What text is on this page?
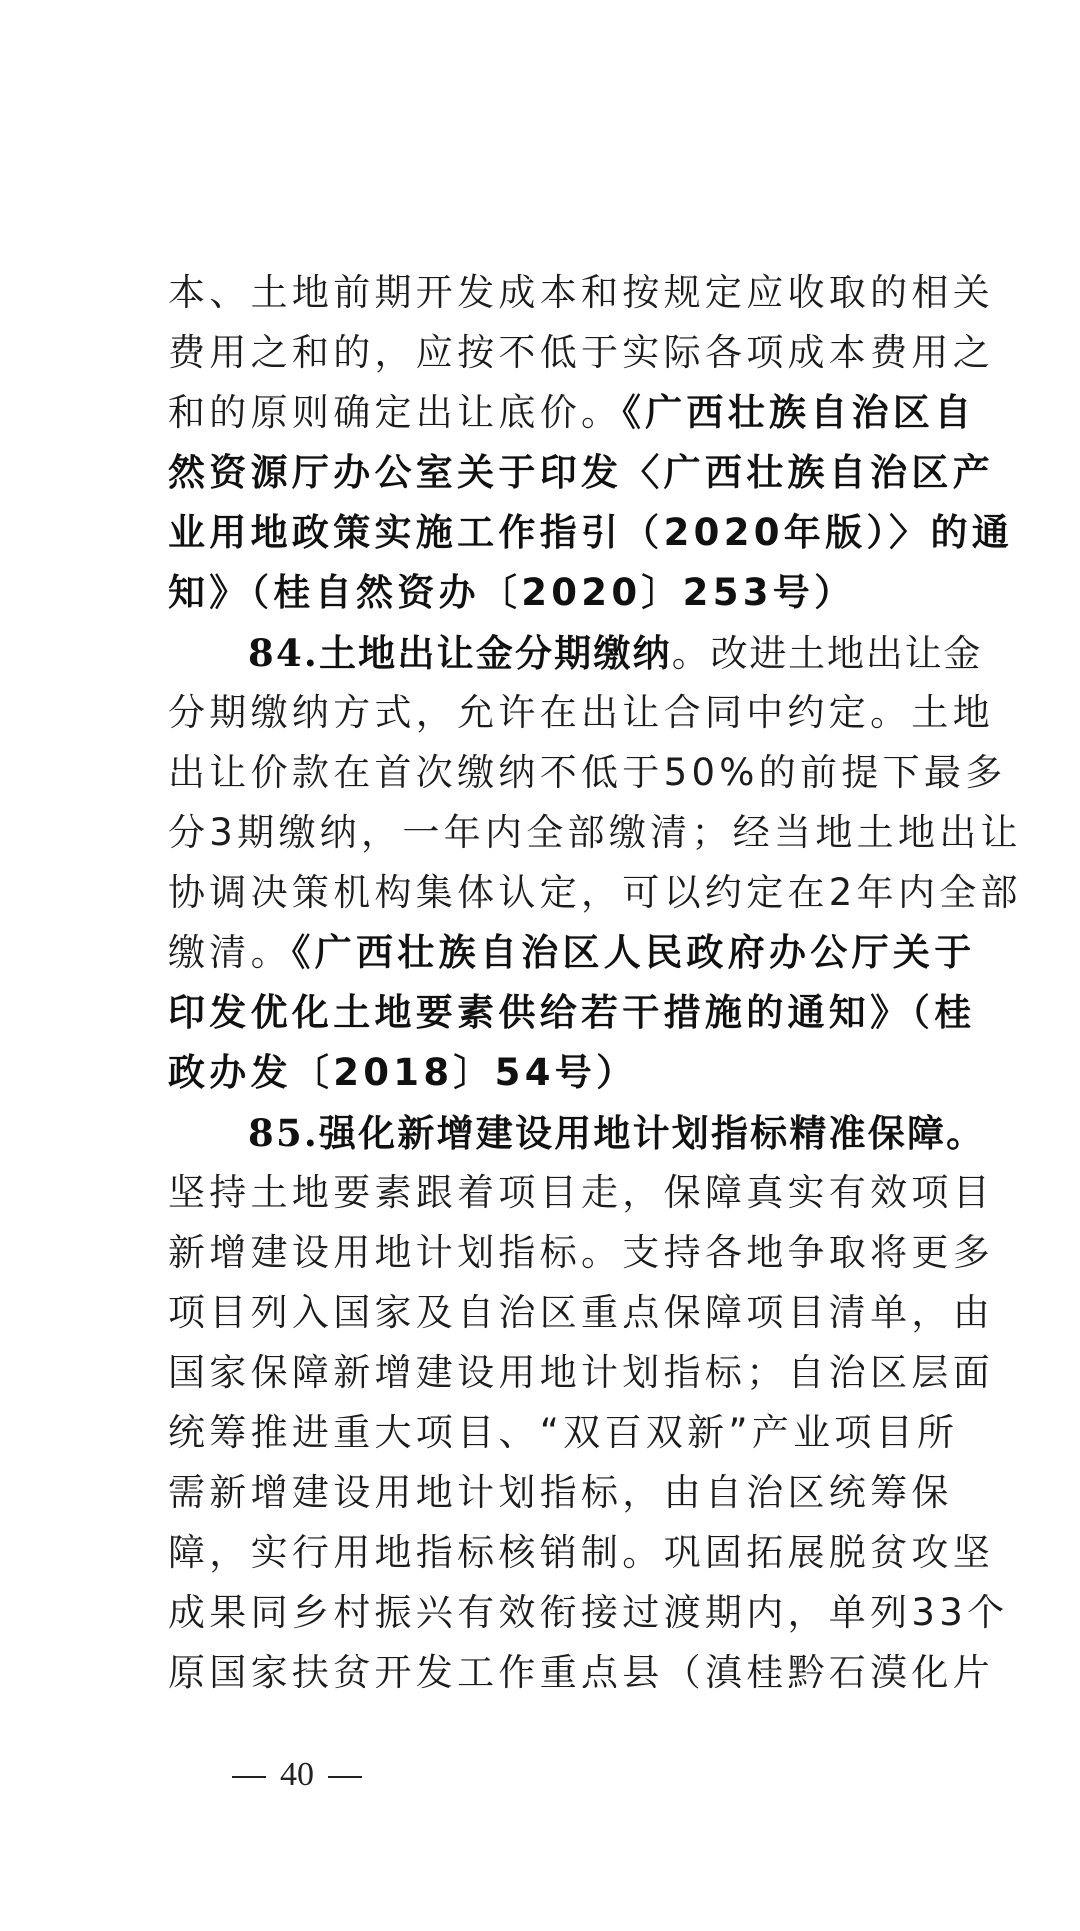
本、土地前期开发成本和按规定应收取的相关
费用之和的，应按不低于实际各项成本费用之
和的原则确定出让底价。《广西壮族自治区自
然资源厅办公室关于印发〈广西壮族自治区产
业用地政策实施工作指引（2020年版）〉的通
知》（桂自然资办〔2020〕253号）
84.土地出让金分期缴纳。改进土地出让金
分期缴纳方式，允许在出让合同中约定。土地
出让价款在首次缴纳不低于50%的前提下最多
分3期缴纳，一年内全部缴清；经当地土地出让
协调决策机构集体认定，可以约定在2年内全部
缴清。《广西壮族自治区人民政府办公厅关于
印发优化土地要素供给若干措施的通知》（桂
政办发〔2018〕54号）
85.强化新增建设用地计划指标精准保障。
坚持土地要素跟着项目走，保障真实有效项目
新增建设用地计划指标。支持各地争取将更多
项目列入国家及自治区重点保障项目清单，由
国家保障新增建设用地计划指标；自治区层面
统筹推进重大项目、“双百双新”产业项目所
需新增建设用地计划指标，由自治区统筹保
障，实行用地指标核销制。巩固拓展脱贫攻坚
成果同乡村振兴有效衔接过渡期内，单列33个
原国家扶贫开发工作重点县（滇桂黔石漠化片
40
